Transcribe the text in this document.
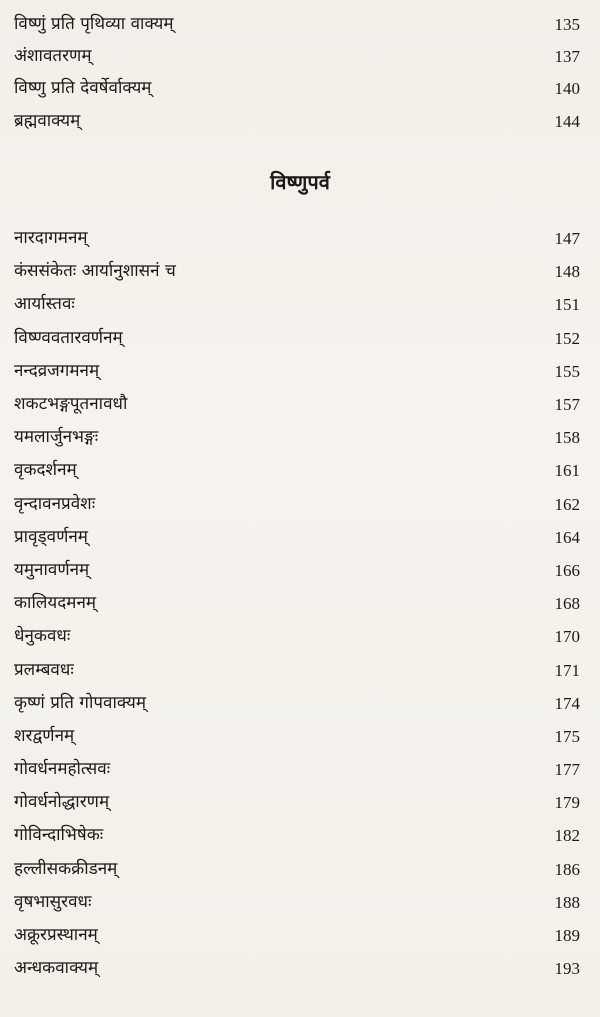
विष्णुं प्रति पृथिव्या वाक्यम्	135
अंशावतरणम्	137
विष्णु प्रति देवर्षेर्वाक्यम्	140
ब्रह्मवाक्यम्	144
विष्णुपर्व
नारदागमनम्	147
कंससंकेतः आर्यानुशासनं च	148
आर्यास्तवः	151
विष्ण्ववतारवर्णनम्	152
नन्दव्रजगमनम्	155
शकटभङ्गपूतनावधौ	157
यमलार्जुनभङ्गः	158
वृकदर्शनम्	161
वृन्दावनप्रवेशः	162
प्रावृड्वर्णनम्	164
यमुनावर्णनम्	166
कालियदमनम्	168
धेनुकवधः	170
प्रलम्बवधः	171
कृष्णं प्रति गोपवाक्यम्	174
शरद्वर्णनम्	175
गोवर्धनमहोत्सवः	177
गोवर्धनोद्धारणम्	179
गोविन्दाभिषेकः	182
हल्लीसकक्रीडनम्	186
वृषभासुरवधः	188
अक्रूरप्रस्थानम्	189
अन्धकवाक्यम्	193
